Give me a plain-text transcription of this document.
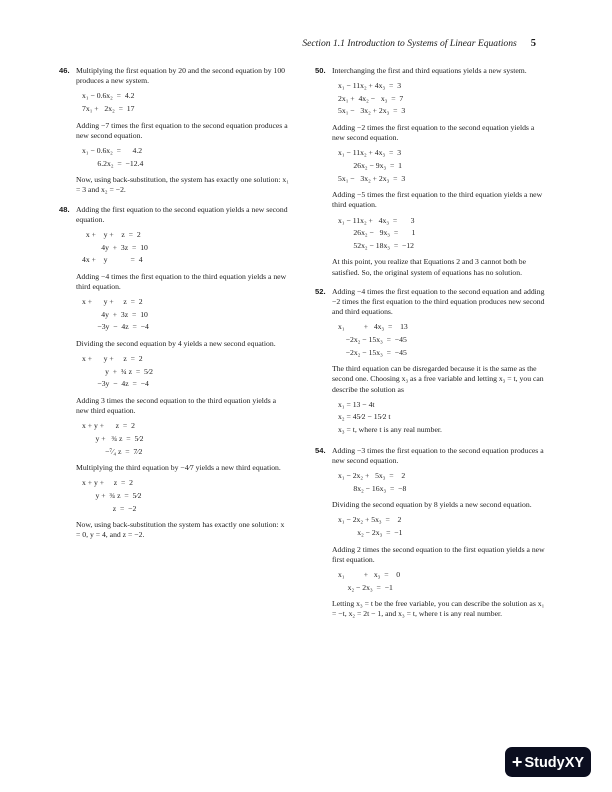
Section 1.1 Introduction to Systems of Linear Equations 5
46. Multiplying the first equation by 20 and the second equation by 100 produces a new system.

x₁ − 0.6x₂  =  4.2
7x₁ +   2x₂  =  17

Adding −7 times the first equation to the second equation produces a new second equation.

x₁ − 0.6x₂  =      4.2
6.2x₂  =  −12.4

Now, using back-substitution, the system has exactly one solution: x₁ = 3 and x₂ = −2.

48. Adding the first equation to the second equation yields a new second equation.

x +    y +    z  =  2
4y  +  3z  =  10
4x +    y            =  4

Adding −4 times the first equation to the third equation yields a new third equation.

x +      y +     z  =  2
4y  +  3z  =  10
−3y  −  4z  =  −4

Dividing the second equation by 4 yields a new second equation.

x +      y +     z  =  2
y  +  ¾ z  =  5⁄2
−3y  −  4z  =  −4

Adding 3 times the second equation to the third equation yields a new third equation.

x + y +      z  =  2
y +   ¾ z  =  5⁄2
−⁷⁄₄ z  =  7⁄2

Multiplying the third equation by −4⁄7 yields a new third equation.

x + y +     z  =  2
y +  ¾ z  =  5⁄2
z  =  −2

Now, using back-substitution the system has exactly one solution: x = 0, y = 4, and z = −2.

50. Interchanging the first and third equations yields a new system.

x₁ − 11x₂ + 4x₃  =  3
2x₁ +  4x₂ −   x₃  =  7
5x₁ −   3x₂ + 2x₃  =  3

Adding −2 times the first equation to the second equation yields a new second equation.

x₁ − 11x₂ + 4x₃  =  3
26x₂ − 9x₃  =  1
5x₁ −   3x₂ + 2x₃  =  3

Adding −5 times the first equation to the third equation yields a new third equation.

x₁ − 11x₂ +   4x₃  =       3
26x₂ −   9x₃  =       1
52x₂ − 18x₃  =  −12

At this point, you realize that Equations 2 and 3 cannot both be satisfied. So, the original system of equations has no solution.

52. Adding −4 times the first equation to the second equation and adding −2 times the first equation to the third equation produces new second and third equations.

x₁          +   4x₃  =    13
−2x₂ − 15x₃  =  −45
−2x₂ − 15x₃  =  −45

The third equation can be disregarded because it is the same as the second one. Choosing x₃ as a free variable and letting x₃ = t, you can describe the solution as

x₁ = 13 − 4t
x₂ = 45⁄2 − 15⁄2 t
x₃ = t, where t is any real number.
54. Adding −3 times the first equation to the second equation produces a new second equation.

x₁ − 2x₂ +   5x₃  =    2
8x₂ − 16x₃  =  −8

Dividing the second equation by 8 yields a new second equation.

x₁ − 2x₂ + 5x₃  =    2
x₂ − 2x₃  =  −1

Adding 2 times the second equation to the first equation yields a new first equation.

x₁          +   x₃  =    0
x₂ − 2x₃  =  −1

Letting x₃ = t be the free variable, you can describe the solution as x₁ = −t, x₂ = 2t − 1, and x₃ = t, where t is any real number.

+ StudyXY
